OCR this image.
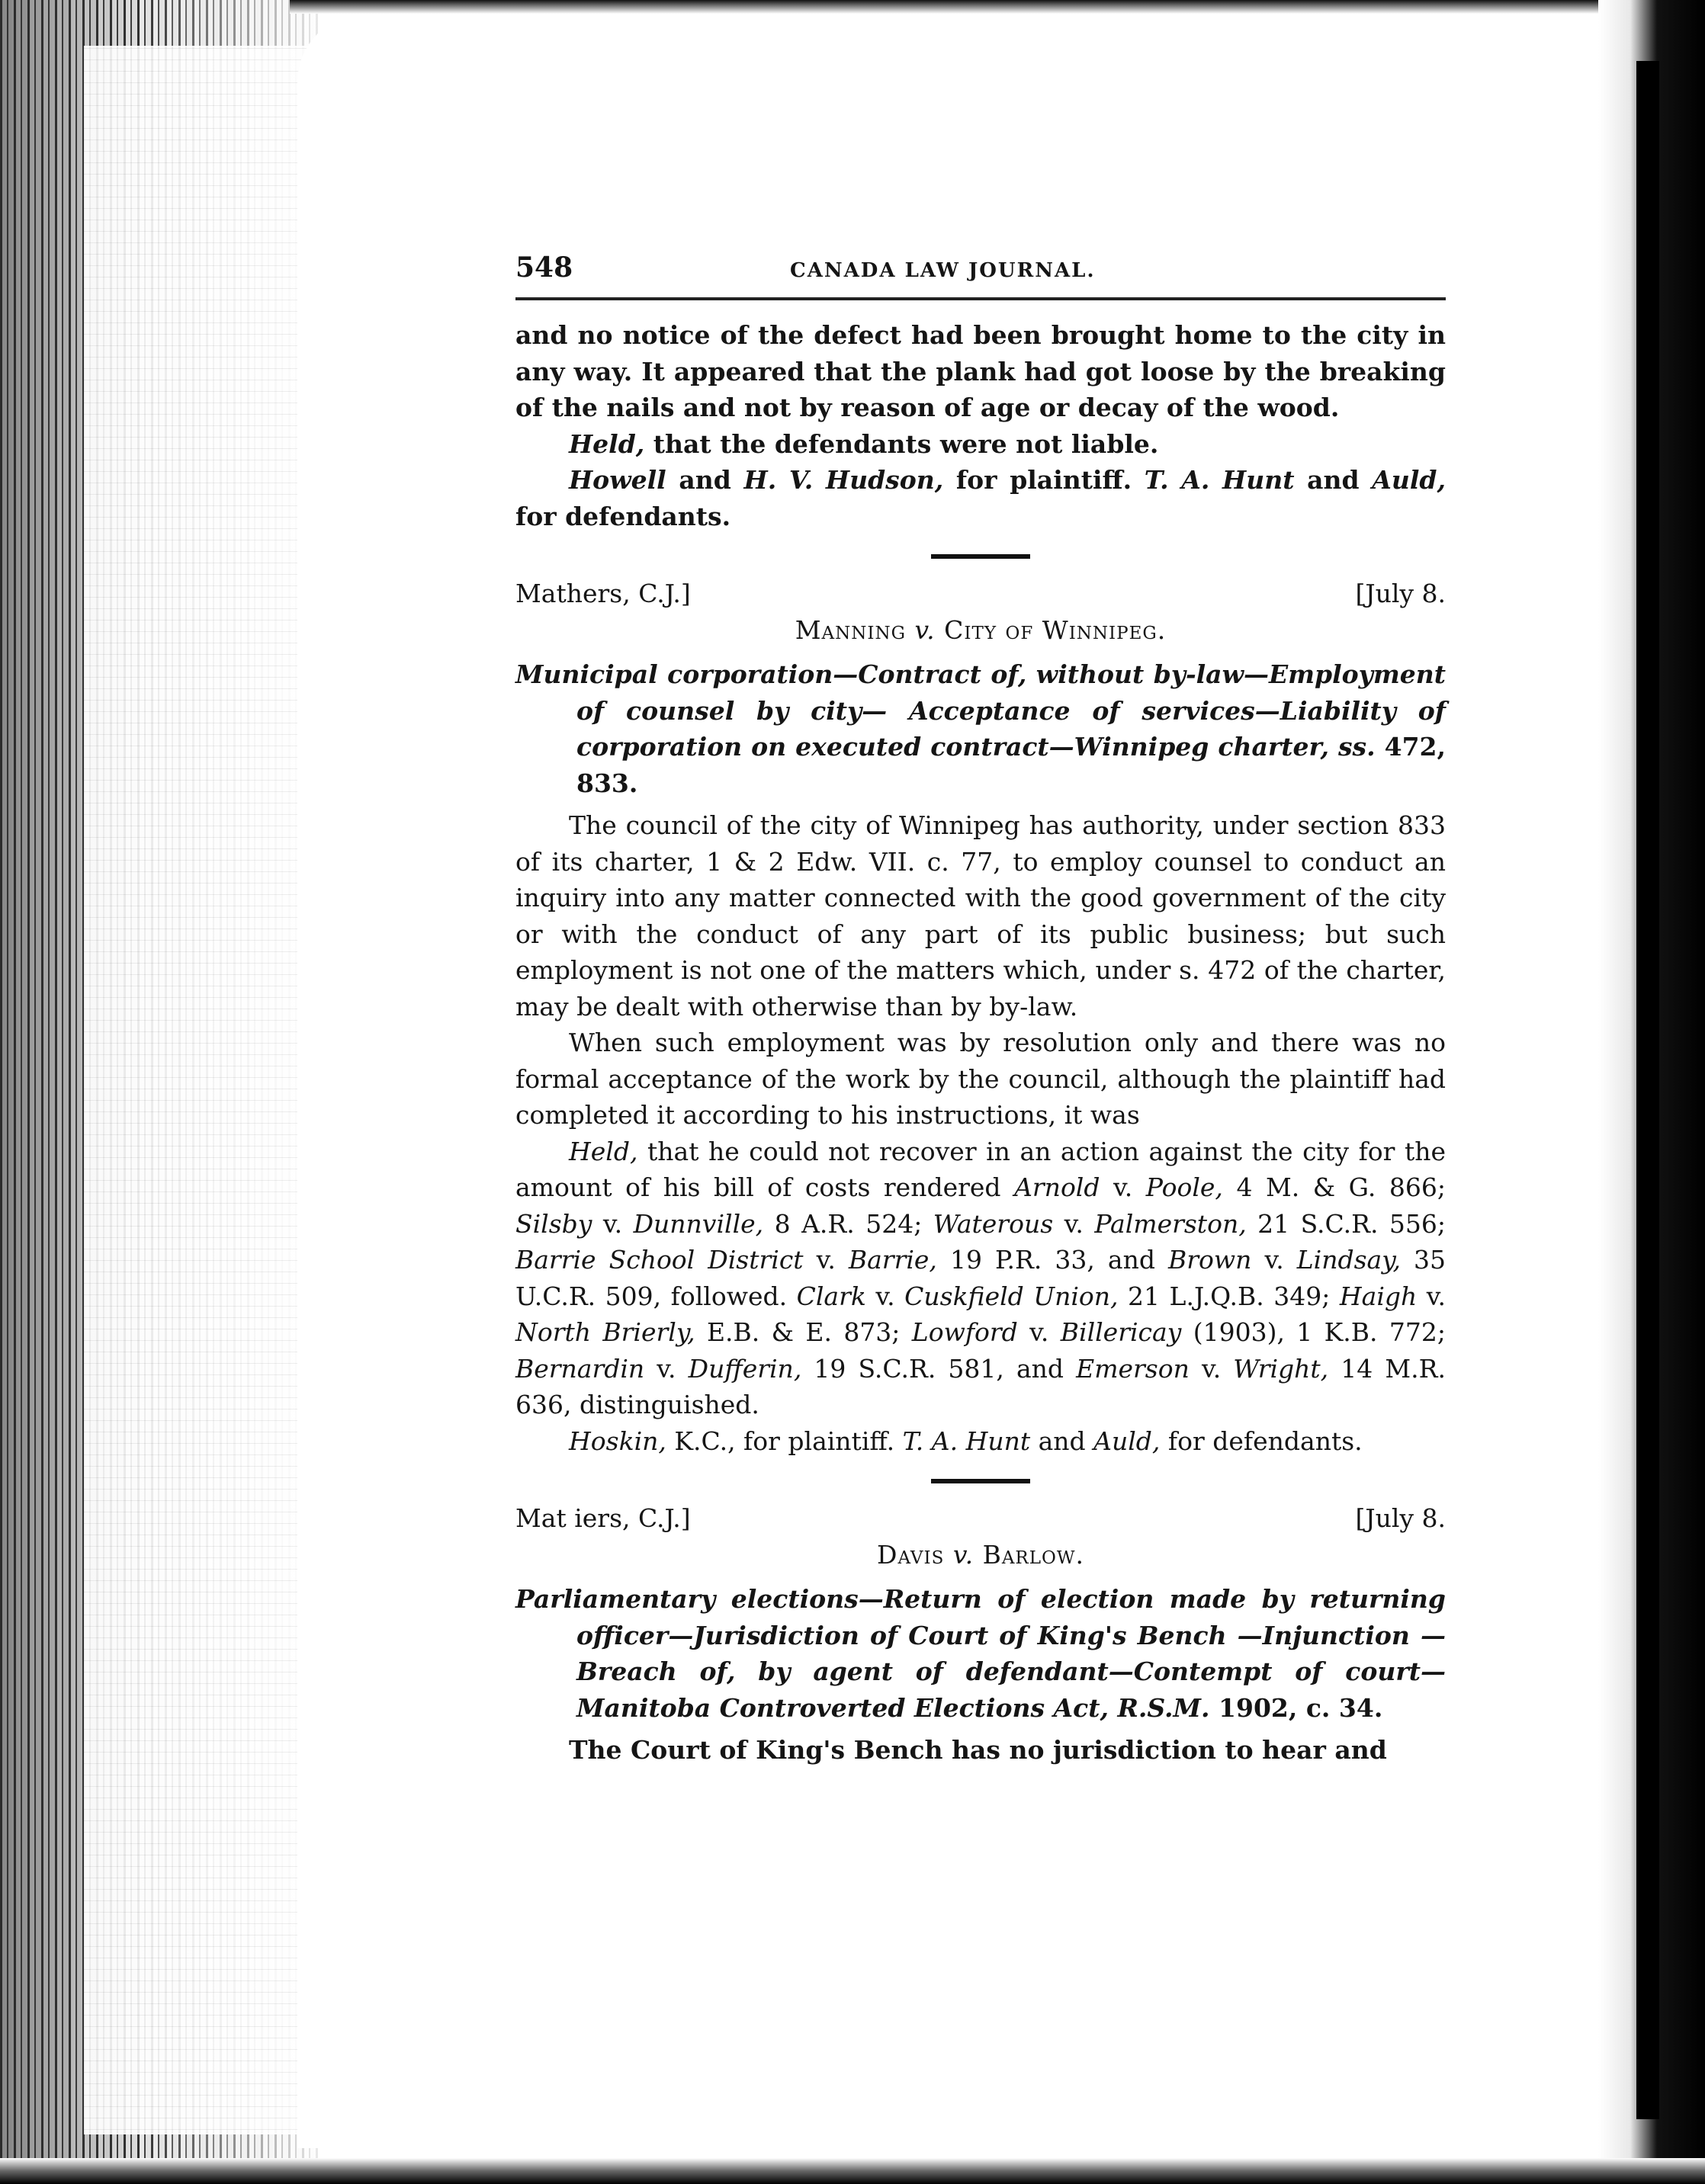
548	CANADA LAW JOURNAL.

and no notice of the defect had been brought home to the city in any way. It appeared that the plank had got loose by the breaking of the nails and not by reason of age or decay of the wood.

Held, that the defendants were not liable.

Howell and H. V. Hudson, for plaintiff. T. A. Hunt and Auld, for defendants.

Mathers, C.J.]	[July 8.
Manning v. City of Winnipeg.

Municipal corporation—Contract of, without by-law—Employment of counsel by city— Acceptance of services—Liability of corporation on executed contract—Winnipeg charter, ss. 472, 833.

The council of the city of Winnipeg has authority, under section 833 of its charter, 1 & 2 Edw. VII. c. 77, to employ counsel to conduct an inquiry into any matter connected with the good government of the city or with the conduct of any part of its public business; but such employment is not one of the matters which, under s. 472 of the charter, may be dealt with otherwise than by by-law.

When such employment was by resolution only and there was no formal acceptance of the work by the council, although the plaintiff had completed it according to his instructions, it was

Held, that he could not recover in an action against the city for the amount of his bill of costs rendered Arnold v. Poole, 4 M. & G. 866; Silsby v. Dunnville, 8 A.R. 524; Waterous v. Palmerston, 21 S.C.R. 556; Barrie School District v. Barrie, 19 P.R. 33, and Brown v. Lindsay, 35 U.C.R. 509, followed. Clark v. Cuskfield Union, 21 L.J.Q.B. 349; Haigh v. North Brierly, E.B. & E. 873; Lowford v. Billericay (1903), 1 K.B. 772; Bernardin v. Dufferin, 19 S.C.R. 581, and Emerson v. Wright, 14 M.R. 636, distinguished.

Hoskin, K.C., for plaintiff. T. A. Hunt and Auld, for defendants.

Mat iers, C.J.]	[July 8.
Davis v. Barlow.

Parliamentary elections—Return of election made by returning officer—Jurisdiction of Court of King's Bench —Injunction —Breach of, by agent of defendant—Contempt of court— Manitoba Controverted Elections Act, R.S.M. 1902, c. 34.

The Court of King's Bench has no jurisdiction to hear and
